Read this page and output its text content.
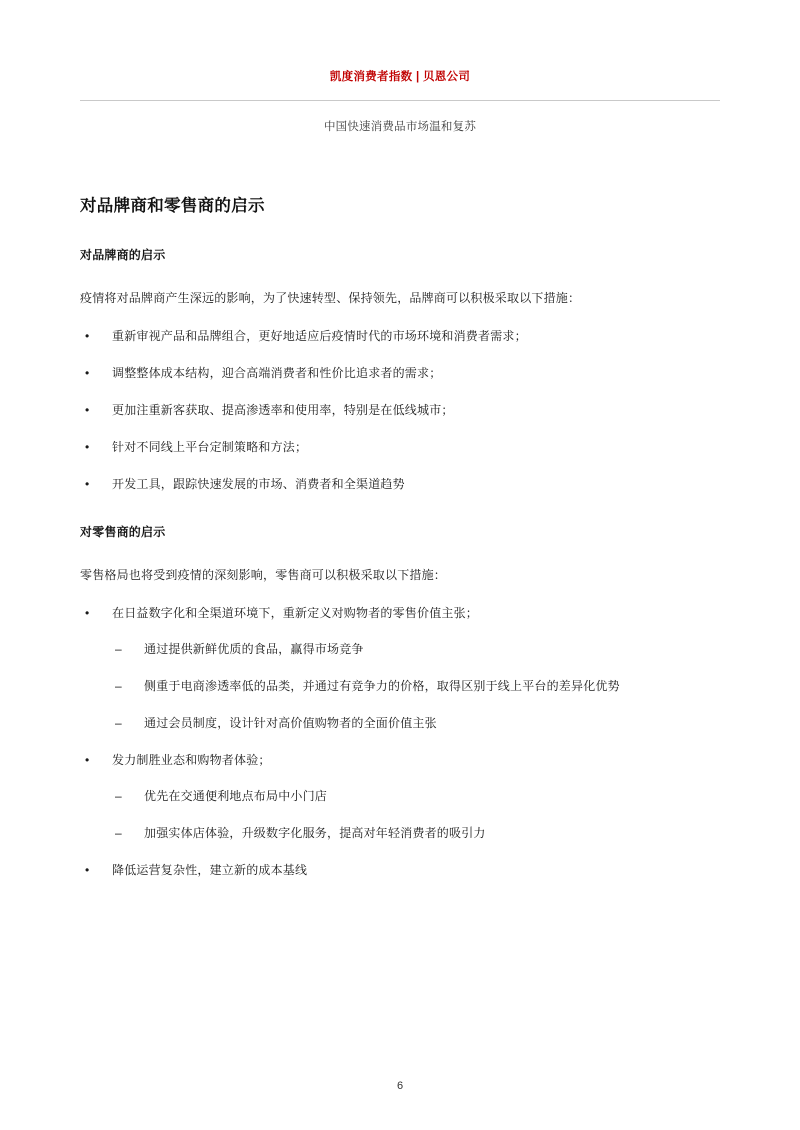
凯度消费者指数 | 贝恩公司
中国快速消费品市场温和复苏
对品牌商和零售商的启示
对品牌商的启示

疫情将对品牌商产生深远的影响，为了快速转型、保持领先，品牌商可以积极采取以下措施：

• 重新审视产品和品牌组合，更好地适应后疫情时代的市场环境和消费者需求；
• 调整整体成本结构，迎合高端消费者和性价比追求者的需求；
• 更加注重新客获取、提高渗透率和使用率，特别是在低线城市；
• 针对不同线上平台定制策略和方法；
• 开发工具，跟踪快速发展的市场、消费者和全渠道趋势
对零售商的启示

零售格局也将受到疫情的深刻影响，零售商可以积极采取以下措施：

• 在日益数字化和全渠道环境下，重新定义对购物者的零售价值主张；
– 通过提供新鲜优质的食品，赢得市场竞争
– 侧重于电商渗透率低的品类，并通过有竞争力的价格，取得区别于线上平台的差异化优势
– 通过会员制度，设计针对高价值购物者的全面价值主张
• 发力制胜业态和购物者体验；
– 优先在交通便利地点布局中小门店
– 加强实体店体验，升级数字化服务，提高对年轻消费者的吸引力
• 降低运营复杂性，建立新的成本基线
6
